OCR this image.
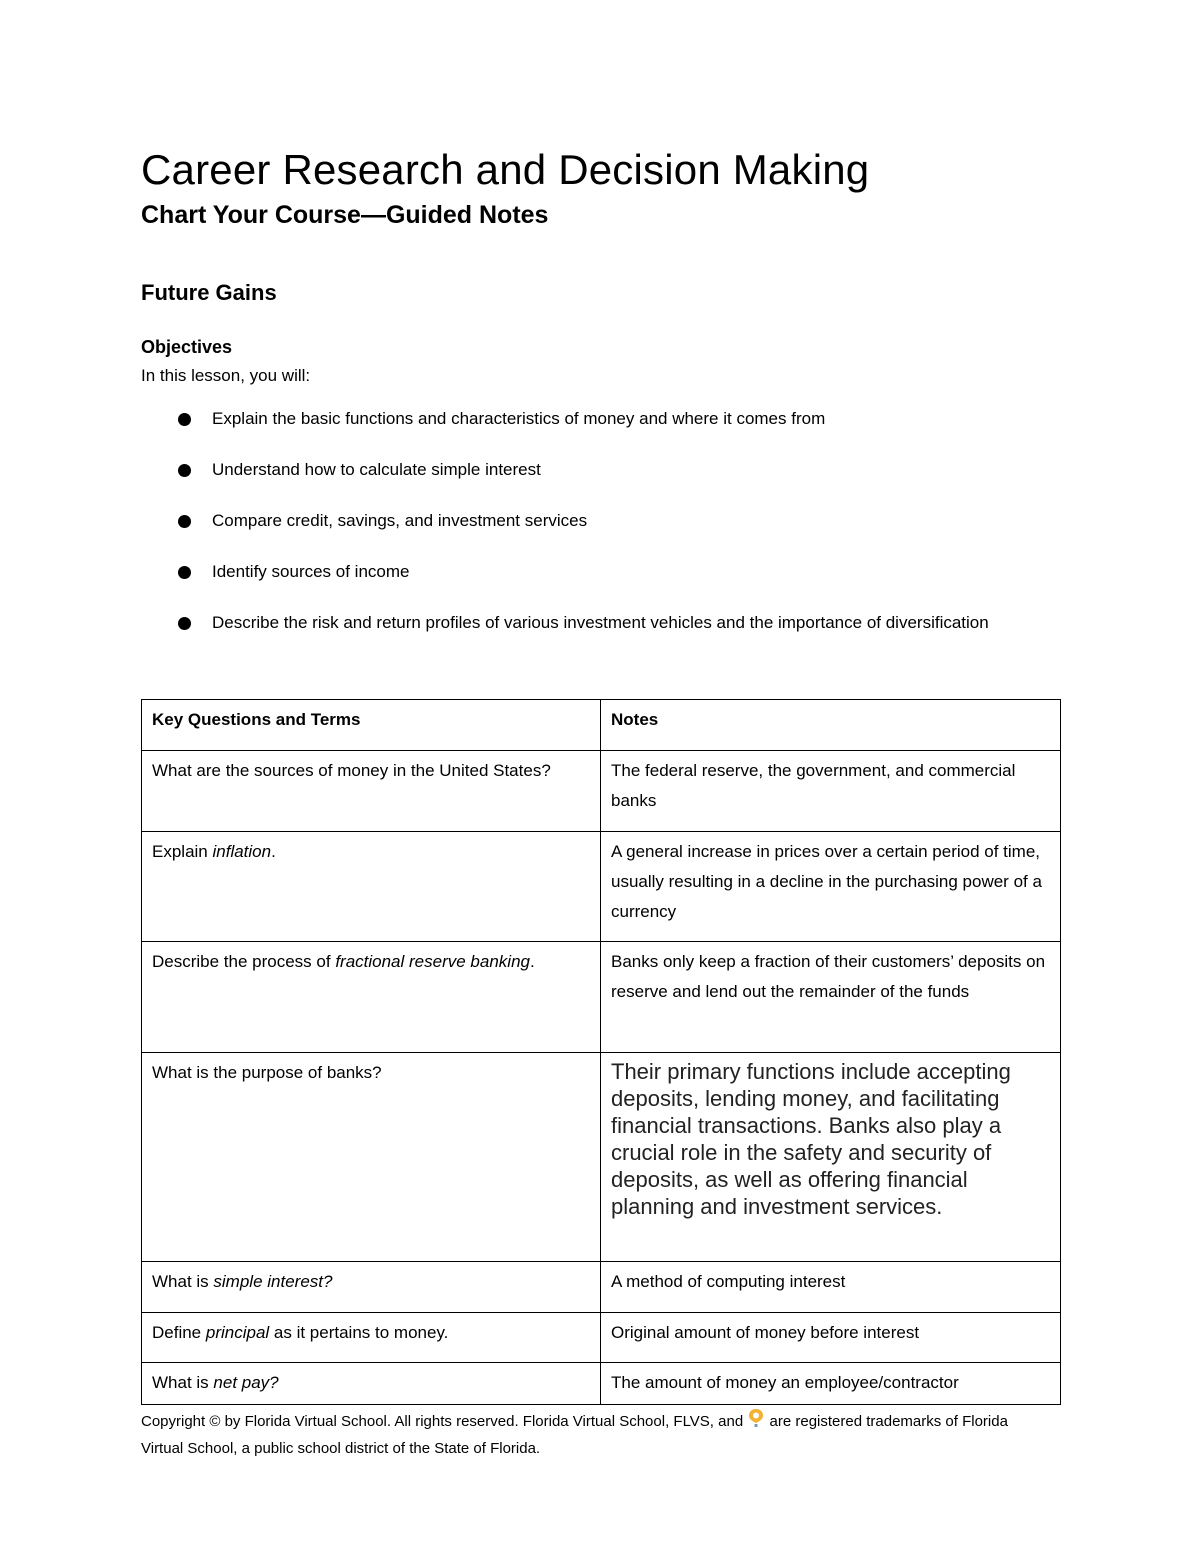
Career Research and Decision Making
Chart Your Course—Guided Notes
Future Gains
Objectives
In this lesson, you will:
Explain the basic functions and characteristics of money and where it comes from
Understand how to calculate simple interest
Compare credit, savings, and investment services
Identify sources of income
Describe the risk and return profiles of various investment vehicles and the importance of diversification
Key Questions and Terms	Notes
What are the sources of money in the United States?	The federal reserve, the government, and commercial banks
Explain inflation.	A general increase in prices over a certain period of time, usually resulting in a decline in the purchasing power of a currency
Describe the process of fractional reserve banking.	Banks only keep a fraction of their customers’ deposits on reserve and lend out the remainder of the funds
What is the purpose of banks?	Their primary functions include accepting deposits, lending money, and facilitating financial transactions. Banks also play a crucial role in the safety and security of deposits, as well as offering financial planning and investment services.
What is simple interest?	A method of computing interest
Define principal as it pertains to money.	Original amount of money before interest
What is net pay?	The amount of money an employee/contractor
Copyright © by Florida Virtual School. All rights reserved. Florida Virtual School, FLVS, and  are registered trademarks of Florida Virtual School, a public school district of the State of Florida.
